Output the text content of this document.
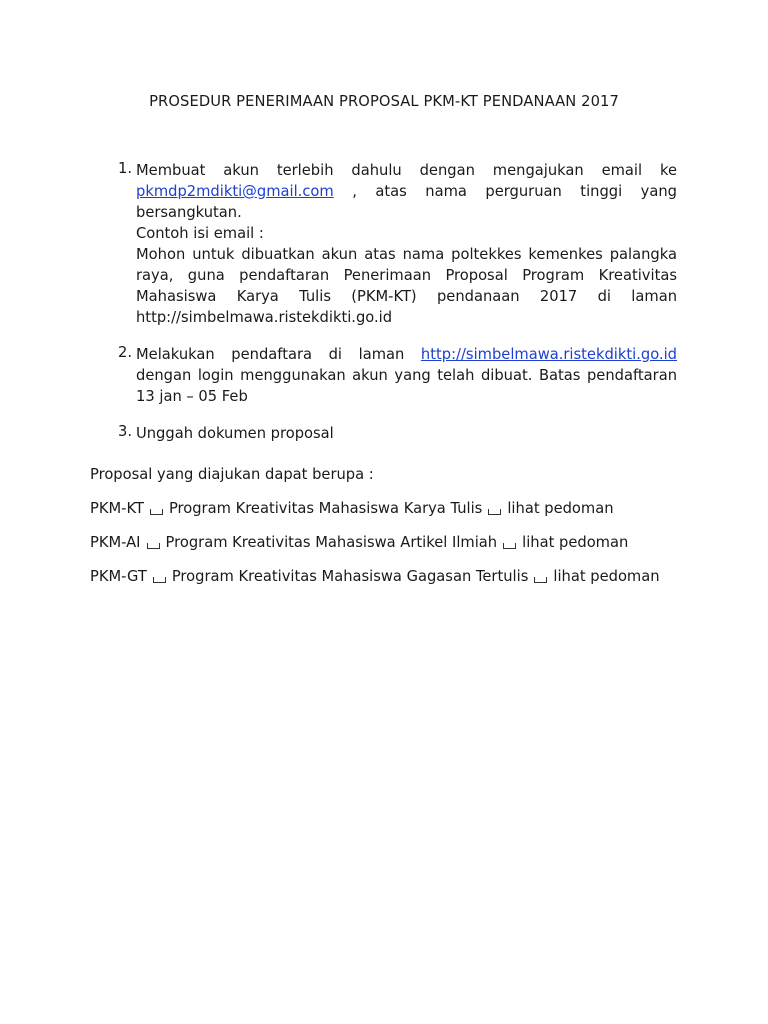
PROSEDUR PENERIMAAN PROPOSAL PKM-KT PENDANAAN 2017
1. Membuat akun terlebih dahulu dengan mengajukan email ke
pkmdp2mdikti@gmail.com , atas nama perguruan tinggi yang
bersangkutan.
Contoh isi email :
Mohon untuk dibuatkan akun atas nama poltekkes kemenkes palangka
raya, guna pendaftaran Penerimaan Proposal Program Kreativitas
Mahasiswa Karya Tulis (PKM-KT) pendanaan 2017 di laman
http://simbelmawa.ristekdikti.go.id
2. Melakukan pendaftara di laman http://simbelmawa.ristekdikti.go.id
dengan login menggunakan akun yang telah dibuat. Batas pendaftaran
13 jan – 05 Feb
3. Unggah dokumen proposal
Proposal yang diajukan dapat berupa :
PKM-KT Program Kreativitas Mahasiswa Karya Tulis lihat pedoman
PKM-AI Program Kreativitas Mahasiswa Artikel Ilmiah lihat pedoman
PKM-GT Program Kreativitas Mahasiswa Gagasan Tertulis lihat pedoman
